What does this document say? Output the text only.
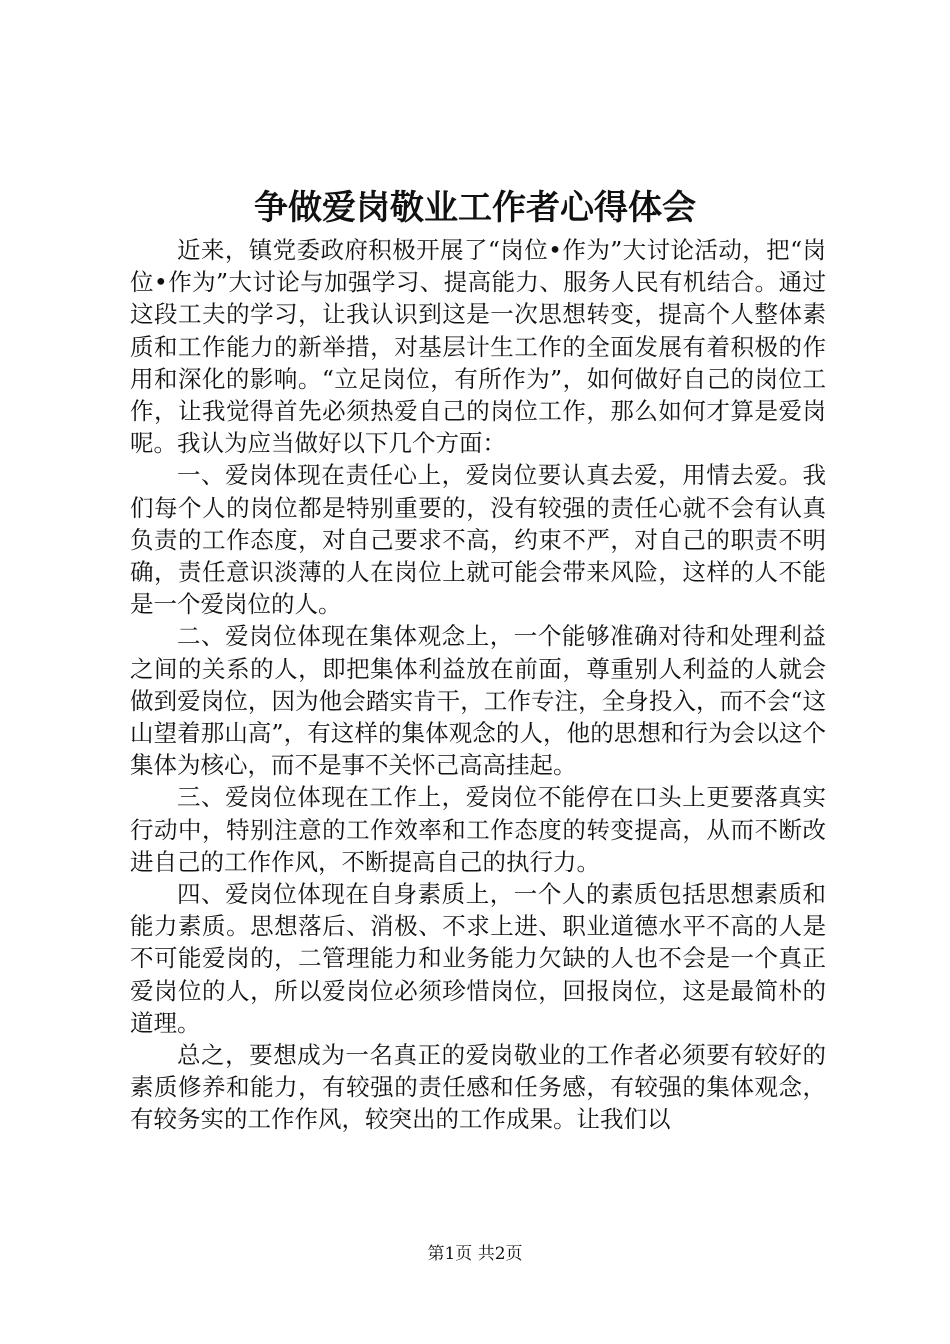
争做爱岗敬业工作者心得体会

近来，镇党委政府积极开展了“岗位•作为”大讨论活动，把“岗位•作为”大讨论与加强学习、提高能力、服务人民有机结合。通过这段工夫的学习，让我认识到这是一次思想转变，提高个人整体素质和工作能力的新举措，对基层计生工作的全面发展有着积极的作用和深化的影响。“立足岗位，有所作为”，如何做好自己的岗位工作，让我觉得首先必须热爱自己的岗位工作，那么如何才算是爱岗呢。我认为应当做好以下几个方面：

一、爱岗体现在责任心上，爱岗位要认真去爱，用情去爱。我们每个人的岗位都是特别重要的，没有较强的责任心就不会有认真负责的工作态度，对自己要求不高，约束不严，对自己的职责不明确，责任意识淡薄的人在岗位上就可能会带来风险，这样的人不能是一个爱岗位的人。

二、爱岗位体现在集体观念上，一个能够准确对待和处理利益之间的关系的人，即把集体利益放在前面，尊重别人利益的人就会做到爱岗位，因为他会踏实肯干，工作专注，全身投入，而不会“这山望着那山高”，有这样的集体观念的人，他的思想和行为会以这个集体为核心，而不是事不关怀己高高挂起。

三、爱岗位体现在工作上，爱岗位不能停在口头上更要落真实行动中，特别注意的工作效率和工作态度的转变提高，从而不断改进自己的工作作风，不断提高自己的执行力。

四、爱岗位体现在自身素质上，一个人的素质包括思想素质和能力素质。思想落后、消极、不求上进、职业道德水平不高的人是不可能爱岗的，二管理能力和业务能力欠缺的人也不会是一个真正爱岗位的人，所以爱岗位必须珍惜岗位，回报岗位，这是最简朴的道理。

总之，要想成为一名真正的爱岗敬业的工作者必须要有较好的素质修养和能力，有较强的责任感和任务感，有较强的集体观念，有较务实的工作作风，较突出的工作成果。让我们以

第1页 共2页
